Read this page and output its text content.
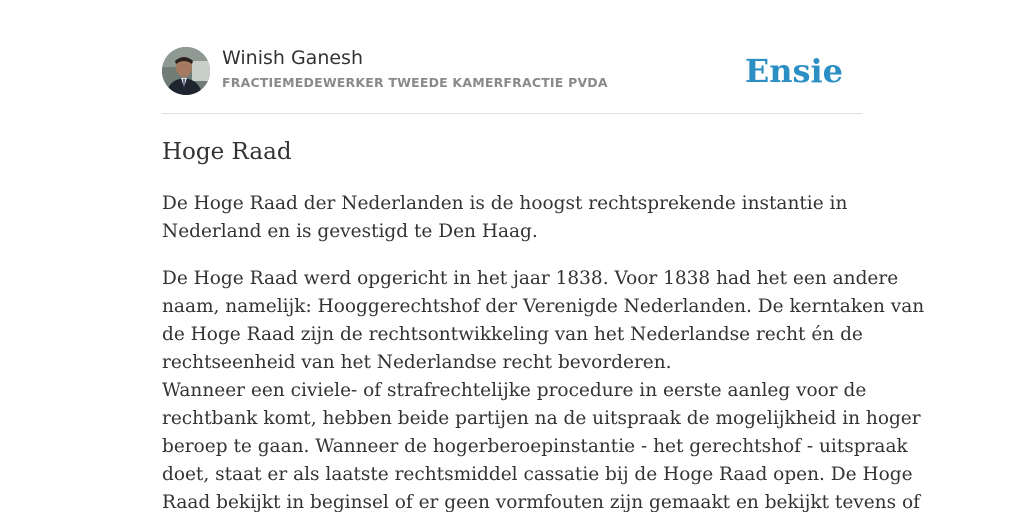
Winish Ganesh
FRACTIEMEDEWERKER TWEEDE KAMERFRACTIE PVDA	Ensie
Hoge Raad

De Hoge Raad der Nederlanden is de hoogst rechtsprekende instantie in
Nederland en is gevestigd te Den Haag.

De Hoge Raad werd opgericht in het jaar 1838. Voor 1838 had het een andere
naam, namelijk: Hooggerechtshof der Verenigde Nederlanden. De kerntaken van
de Hoge Raad zijn de rechtsontwikkeling van het Nederlandse recht én de
rechtseenheid van het Nederlandse recht bevorderen.
Wanneer een civiele- of strafrechtelijke procedure in eerste aanleg voor de
rechtbank komt, hebben beide partijen na de uitspraak de mogelijkheid in hoger
beroep te gaan. Wanneer de hogerberoepinstantie - het gerechtshof - uitspraak
doet, staat er als laatste rechtsmiddel cassatie bij de Hoge Raad open. De Hoge
Raad bekijkt in beginsel of er geen vormfouten zijn gemaakt en bekijkt tevens of
